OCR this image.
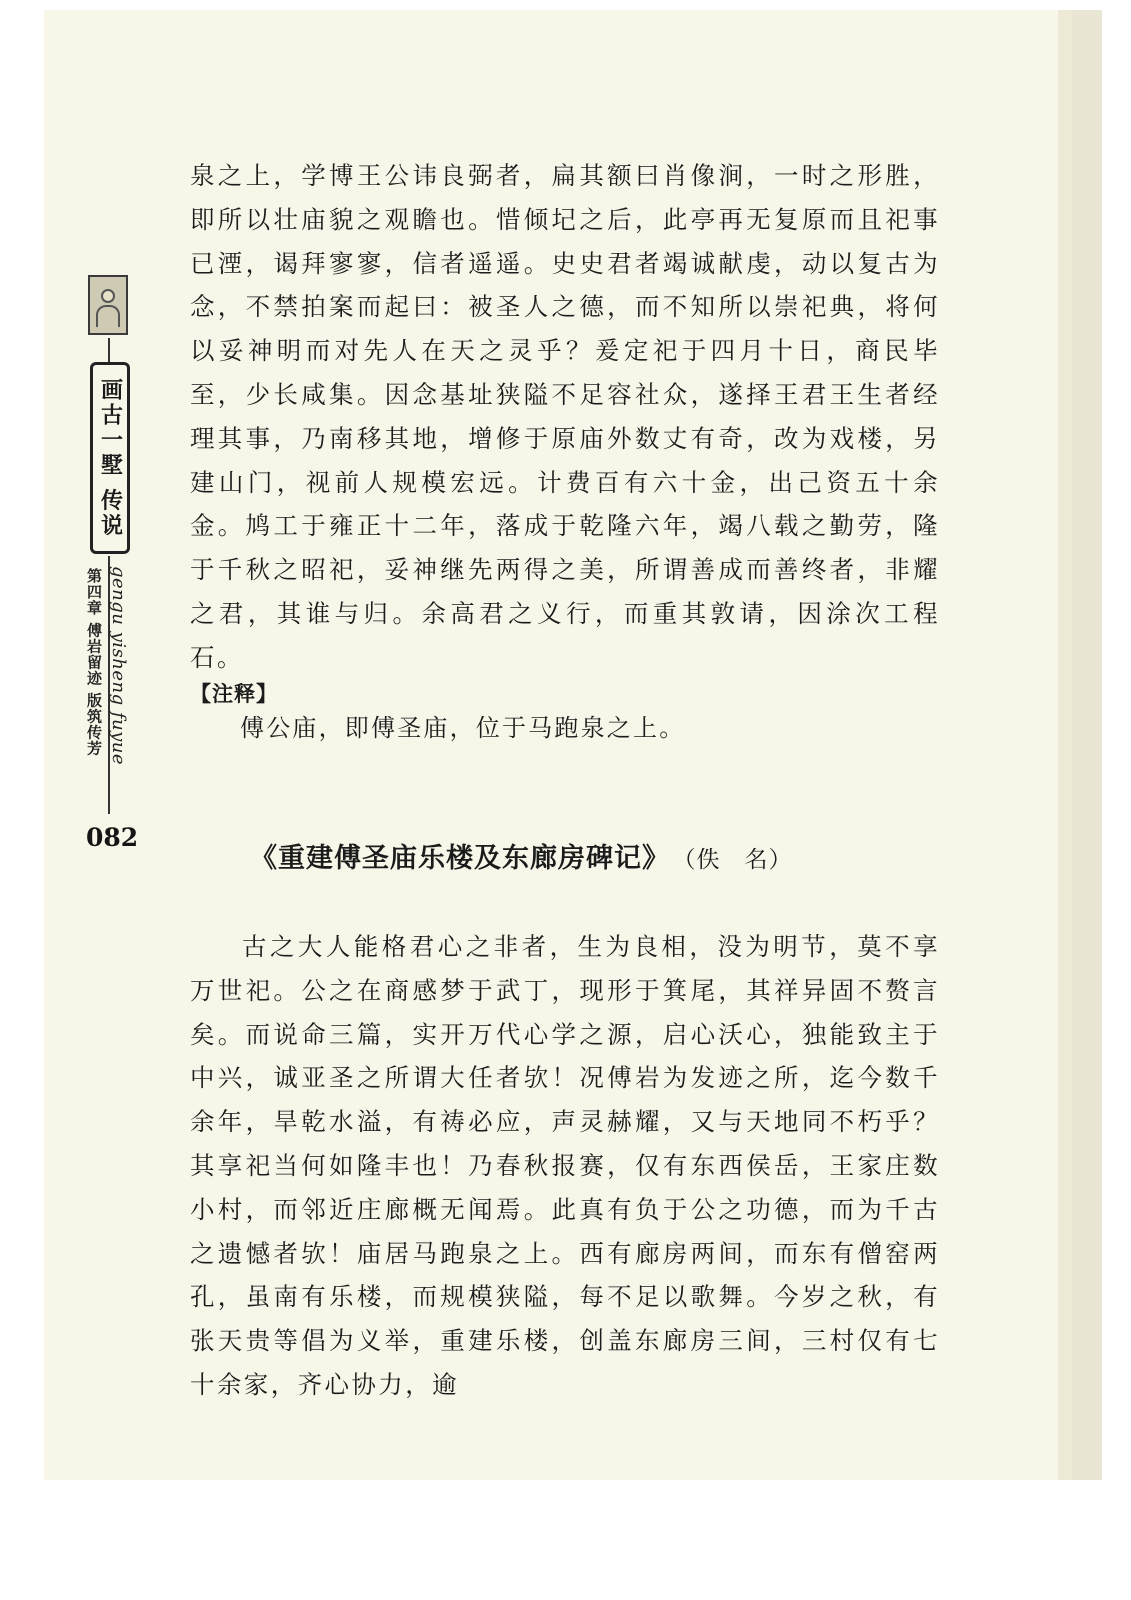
画古一墅 传说
第四章 傅岩留迹 版筑传芳 gengu yisheng fuyue
082

泉之上，学博王公讳良弼者，扁其额曰肖像涧，一时之形胜，即所以壮庙貌之观瞻也。惜倾圮之后，此亭再无复原而且祀事已湮，谒拜寥寥，信者遥遥。史史君者竭诚献虔，动以复古为念，不禁拍案而起曰：被圣人之德，而不知所以崇祀典，将何以妥神明而对先人在天之灵乎？爰定祀于四月十日，商民毕至，少长咸集。因念基址狭隘不足容社众，遂择王君王生者经理其事，乃南移其地，增修于原庙外数丈有奇，改为戏楼，另建山门，视前人规模宏远。计费百有六十金，出己资五十余金。鸠工于雍正十二年，落成于乾隆六年，竭八载之勤劳，隆于千秋之昭祀，妥神继先两得之美，所谓善成而善终者，非耀之君，其谁与归。余高君之义行，而重其敦请，因涂次工程石。

【注释】
傅公庙，即傅圣庙，位于马跑泉之上。
《重建傅圣庙乐楼及东廊房碑记》 （佚　名）

古之大人能格君心之非者，生为良相，没为明节，莫不享万世祀。公之在商感梦于武丁，现形于箕尾，其祥异固不赘言矣。而说命三篇，实开万代心学之源，启心沃心，独能致主于中兴，诚亚圣之所谓大任者欤！况傅岩为发迹之所，迄今数千余年，旱乾水溢，有祷必应，声灵赫耀，又与天地同不朽乎？其享祀当何如隆丰也！乃春秋报赛，仅有东西侯岳，王家庄数小村，而邻近庄廊概无闻焉。此真有负于公之功德，而为千古之遗憾者欤！庙居马跑泉之上。西有廊房两间，而东有僧窑两孔，虽南有乐楼，而规模狭隘，每不足以歌舞。今岁之秋，有张天贵等倡为义举，重建乐楼，创盖东廊房三间，三村仅有七十余家，齐心协力，逾
